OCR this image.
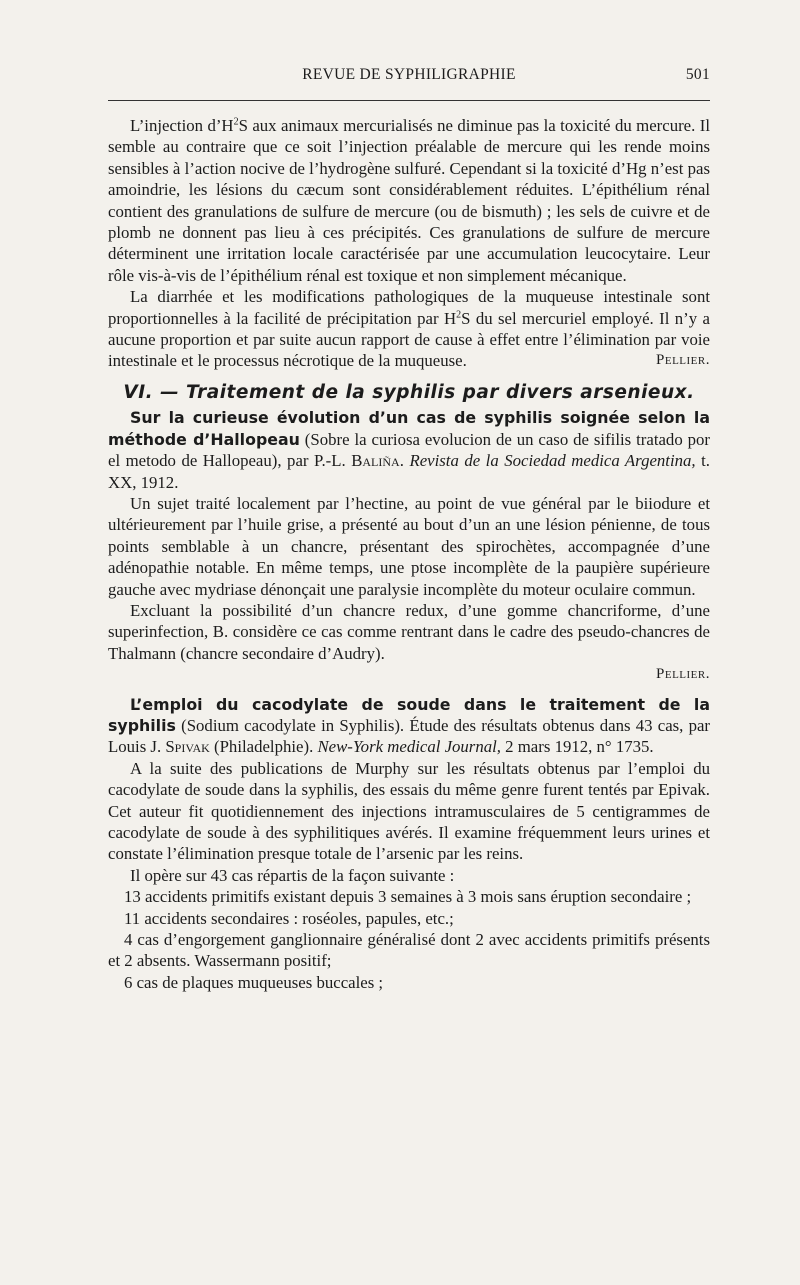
REVUE DE SYPHILIGRAPHIE	501

L’injection $d’H^2S$ aux animaux mercurialisés ne diminue pas la toxicité du mercure. Il semble au contraire que ce soit l’injection préalable de mercure qui les rende moins sensibles à l’action nocive de l’hydrogène sulfuré. Cependant si la toxicité d’Hg n’est pas amoindrie, les lésions du cæcum sont considérablement réduites. L’épithélium rénal contient des granulations de sulfure de mercure (ou de bismuth) ; les sels de cuivre et de plomb ne donnent pas lieu à ces précipités. Ces granulations de sulfure de mercure déterminent une irritation locale caractérisée par une accumulation leucocytaire. Leur rôle vis-à-vis de l’épithélium rénal est toxique et non simplement mécanique.

La diarrhée et les modifications pathologiques de la muqueuse intestinale sont proportionnelles à la facilité de précipitation par $H^2S$ du sel mercuriel employé. Il n’y a aucune proportion et par suite aucun rapport de cause à effet entre l’élimination par voie intestinale et le processus nécrotique de la muqueuse.	Pellier.
VI. — Traitement de la syphilis par divers arsenieux.

Sur la curieuse évolution d’un cas de syphilis soignée selon la méthode d’Hallopeau (Sobre la curiosa evolucion de un caso de sifilis tratado por el metodo de Hallopeau), par P.-L. Baliña. Revista de la Sociedad medica Argentina, t. XX, 1912.

Un sujet traité localement par l’hectine, au point de vue général par le biiodure et ultérieurement par l’huile grise, a présenté au bout d’un an une lésion pénienne, de tous points semblable à un chancre, présentant des spirochètes, accompagnée d’une adénopathie notable. En même temps, une ptose incomplète de la paupière supérieure gauche avec mydriase dénonçait une paralysie incomplète du moteur oculaire commun.

Excluant la possibilité d’un chancre redux, d’une gomme chancriforme, d’une superinfection, B. considère ce cas comme rentrant dans le cadre des pseudo-chancres de Thalmann (chancre secondaire d’Audry).

Pellier.

L’emploi du cacodylate de soude dans le traitement de la syphilis (Sodium cacodylate in Syphilis). Étude des résultats obtenus dans 43 cas, par Louis J. Spivak (Philadelphie). New-York medical Journal, 2 mars 1912, n° 1735.

A la suite des publications de Murphy sur les résultats obtenus par l’emploi du cacodylate de soude dans la syphilis, des essais du même genre furent tentés par Epivak. Cet auteur fit quotidiennement des injections intramusculaires de 5 centigrammes de cacodylate de soude à des syphilitiques avérés. Il examine fréquemment leurs urines et constate l’élimination presque totale de l’arsenic par les reins.

Il opère sur 43 cas répartis de la façon suivante :

13 accidents primitifs existant depuis 3 semaines à 3 mois sans éruption secondaire ;

11 accidents secondaires : roséoles, papules, etc.;

4 cas d’engorgement ganglionnaire généralisé dont 2 avec accidents primitifs présents et 2 absents. Wassermann positif;

6 cas de plaques muqueuses buccales ;
